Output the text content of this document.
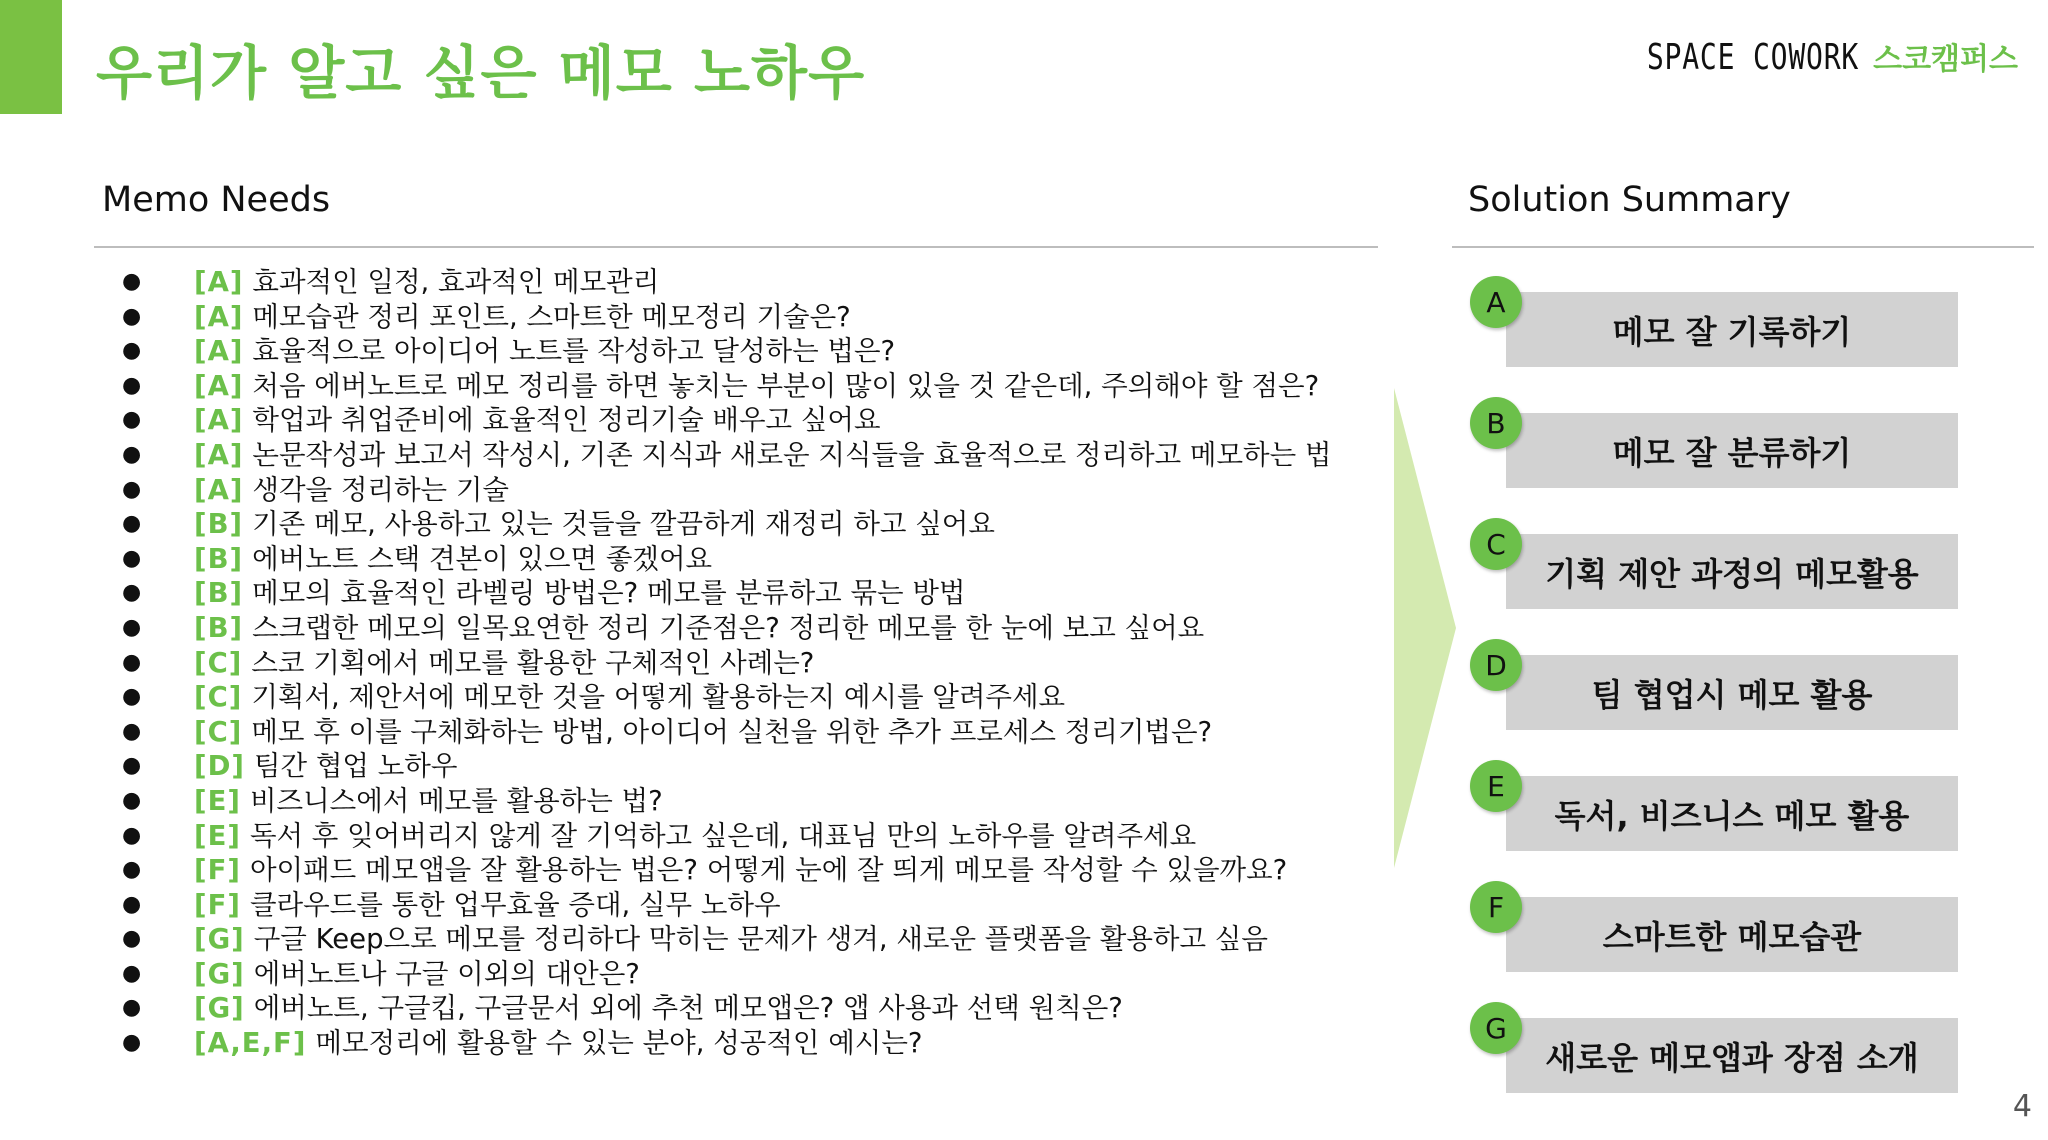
우리가 알고 싶은 메모 노하우	SPACE COWORK 스코캠퍼스
Memo Needs
●	[A] 효과적인 일정, 효과적인 메모관리
●	[A] 메모습관 정리 포인트, 스마트한 메모정리 기술은?
●	[A] 효율적으로 아이디어 노트를 작성하고 달성하는 법은?
●	[A] 처음 에버노트로 메모 정리를 하면 놓치는 부분이 많이 있을 것 같은데, 주의해야 할 점은?
●	[A] 학업과 취업준비에 효율적인 정리기술 배우고 싶어요
●	[A] 논문작성과 보고서 작성시, 기존 지식과 새로운 지식들을 효율적으로 정리하고 메모하는 법
●	[A] 생각을 정리하는 기술
●	[B] 기존 메모, 사용하고 있는 것들을 깔끔하게 재정리 하고 싶어요
●	[B] 에버노트 스택 견본이 있으면 좋겠어요
●	[B] 메모의 효율적인 라벨링 방법은? 메모를 분류하고 묶는 방법
●	[B] 스크랩한 메모의 일목요연한 정리 기준점은? 정리한 메모를 한 눈에 보고 싶어요
●	[C] 스코 기획에서 메모를 활용한 구체적인 사례는?
●	[C] 기획서, 제안서에 메모한 것을 어떻게 활용하는지 예시를 알려주세요
●	[C] 메모 후 이를 구체화하는 방법, 아이디어 실천을 위한 추가 프로세스 정리기법은?
●	[D] 팀간 협업 노하우
●	[E] 비즈니스에서 메모를 활용하는 법?
●	[E] 독서 후 잊어버리지 않게 잘 기억하고 싶은데, 대표님 만의 노하우를 알려주세요
●	[F] 아이패드 메모앱을 잘 활용하는 법은? 어떻게 눈에 잘 띄게 메모를 작성할 수 있을까요?
●	[F] 클라우드를 통한 업무효율 증대, 실무 노하우
●	[G] 구글 Keep으로 메모를 정리하다 막히는 문제가 생겨, 새로운 플랫폼을 활용하고 싶음
●	[G] 에버노트나 구글 이외의 대안은?
●	[G] 에버노트, 구글킵, 구글문서 외에 추천 메모앱은? 앱 사용과 선택 원칙은?
●	[A,E,F] 메모정리에 활용할 수 있는 분야, 성공적인 예시는?
Solution Summary
A
메모 잘 기록하기
B
메모 잘 분류하기
C
기획 제안 과정의 메모활용
D
팀 협업시 메모 활용
E
독서, 비즈니스 메모 활용
F
스마트한 메모습관
G
새로운 메모앱과 장점 소개
4
